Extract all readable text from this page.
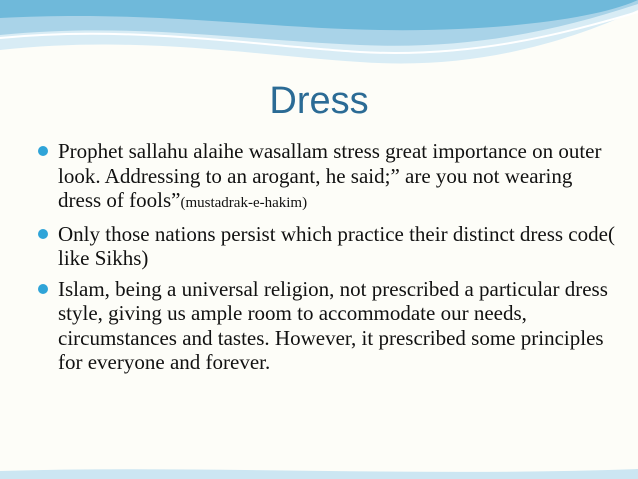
Dress
Prophet sallahu alaihe wasallam stress great importance on outer look. Addressing to an arogant, he said;” are you not wearing dress of fools”(mustadrak-e-hakim)
Only those nations persist which practice their distinct dress code( like Sikhs)
Islam, being a universal religion, not prescribed a particular dress style, giving us ample room to accommodate our needs, circumstances and tastes. However, it prescribed some principles for everyone and forever.
